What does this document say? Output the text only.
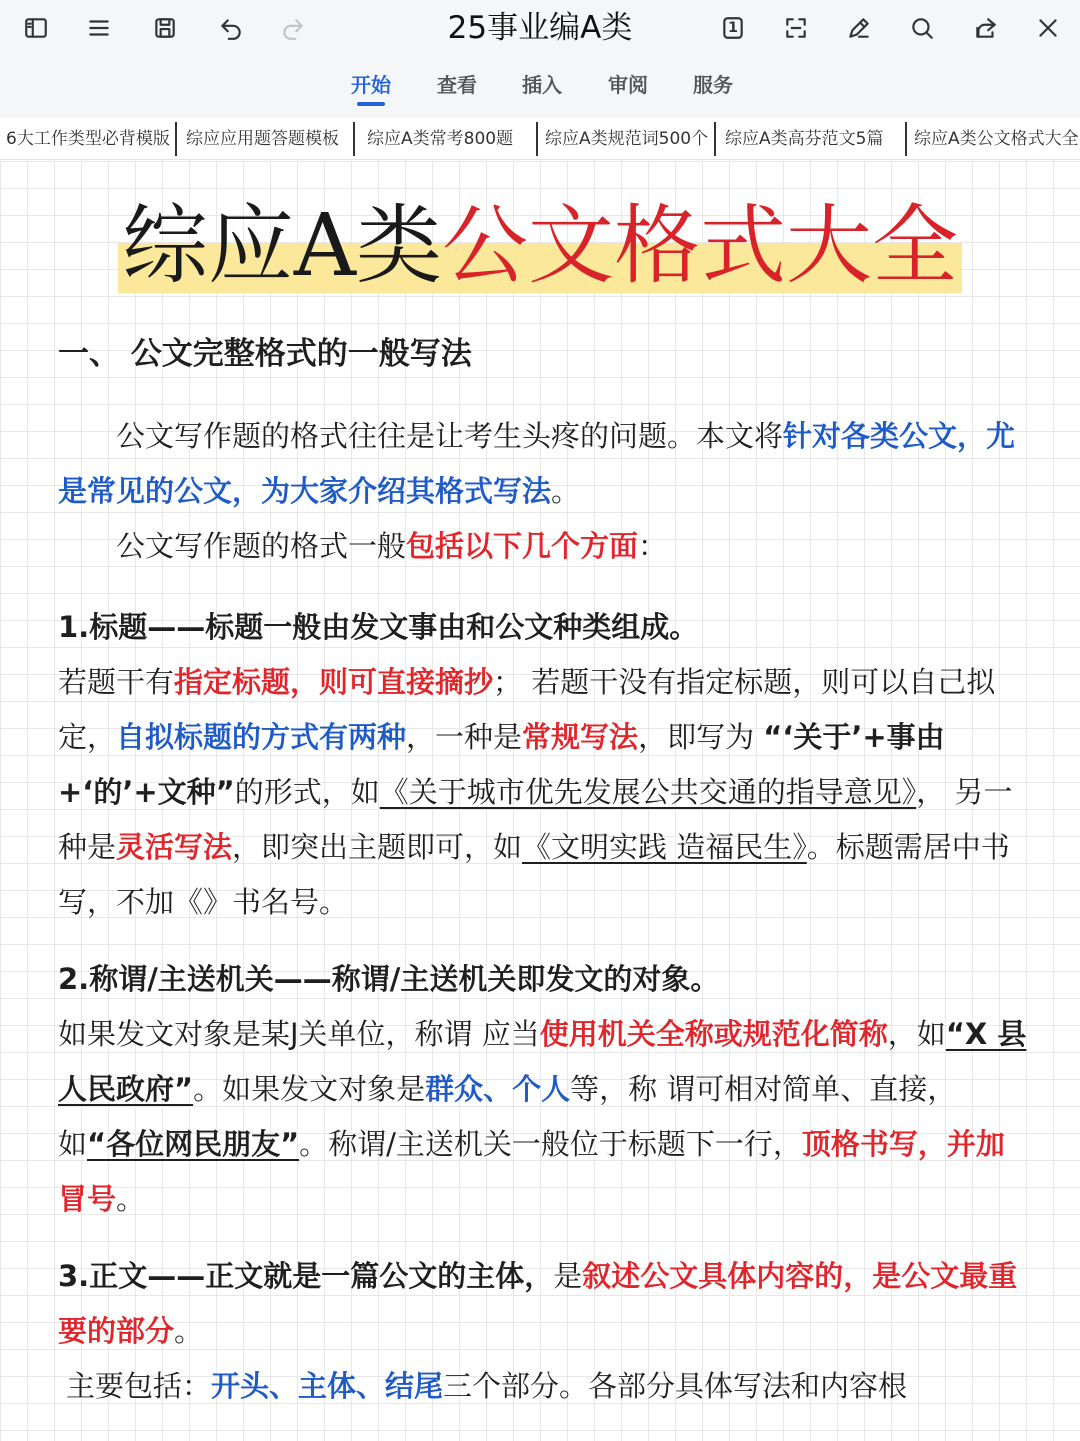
25事业编A类	1
开始 查看 插入 审阅 服务
6大工作类型必背模版 综应应用题答题模板 综应A类常考800题 综应A类规范词500个 综应A类高芬范文5篇 综应A类公文格式大全
综应A类公文格式大全
一、 公文完整格式的一般写法
公文写作题的格式往往是让考生头疼的问题。本文将针对各类公文，尤是常见的公文，为大家介绍其格式写法。
公文写作题的格式一般包括以下几个方面：
1.标题——标题一般由发文事由和公文种类组成。
若题干有指定标题，则可直接摘抄； 若题干没有指定标题，则可以自己拟定，自拟标题的方式有两种，一种是常规写法，即写为 “‘关于’+事由+‘的’+文种”的形式，如《关于城市优先发展公共交通的指导意见》， 另一种是灵活写法，即突出主题即可，如《文明实践 造福民生》。标题需居中书写，不加《》书名号。
2.称谓/主送机关——称谓/主送机关即发文的对象。
如果发文对象是某J关单位，称谓 应当使用机关全称或规范化简称，如“X 县人民政府”。如果发文对象是群众、个人等，称 谓可相对简单、直接，如“各位网民朋友”。称谓/主送机关一般位于标题下一行，顶格书写，并加冒号。
3.正文——正文就是一篇公文的主体，是叙述公文具体内容的，是公文最重要的部分。
主要包括：开头、主体、结尾三个部分。各部分具体写法和内容根
